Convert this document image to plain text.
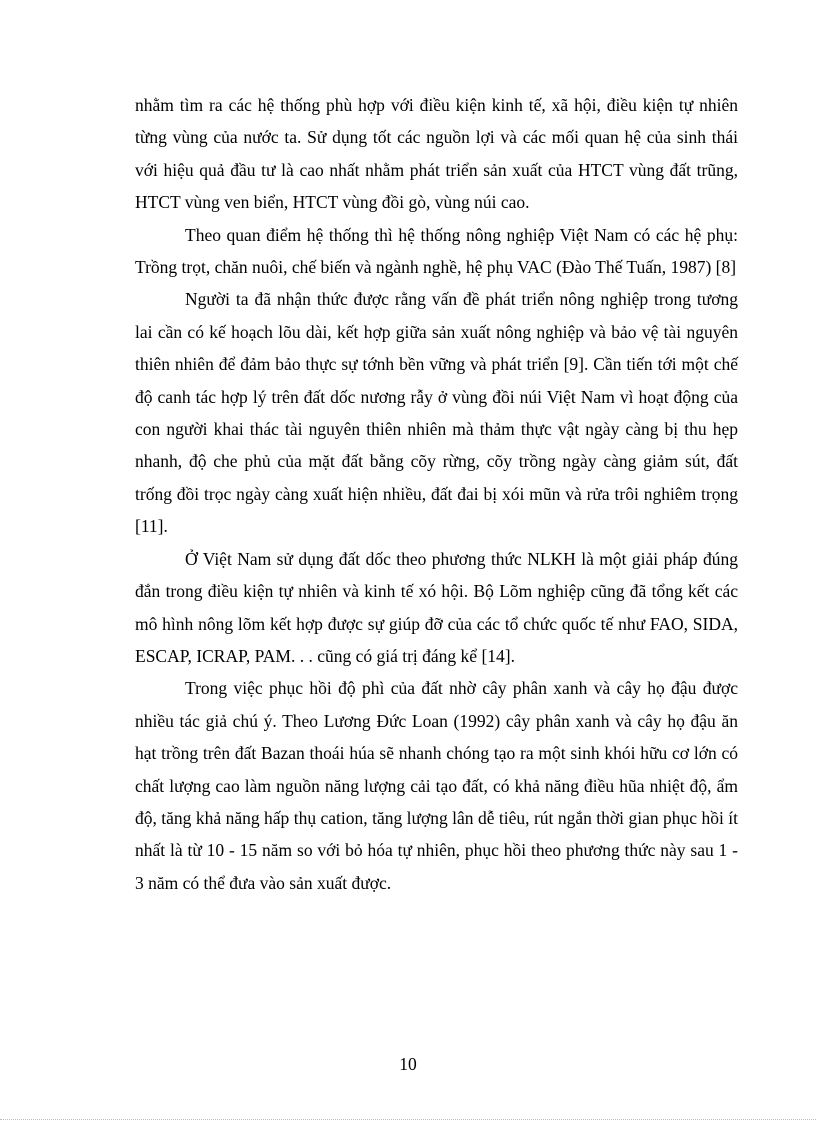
nhằm tìm ra các hệ thống phù hợp với điều kiện kinh tế, xã hội, điều kiện tự nhiên từng vùng của nước ta. Sử dụng tốt các nguồn lợi và các mối quan hệ của sinh thái với hiệu quả đầu tư là cao nhất nhằm phát triển sản xuất của HTCT vùng đất trũng, HTCT vùng ven biển, HTCT vùng đồi gò, vùng núi cao.

Theo quan điểm hệ thống thì hệ thống nông nghiệp Việt Nam có các hệ phụ: Trồng trọt, chăn nuôi, chế biến và ngành nghề, hệ phụ VAC (Đào Thế Tuấn, 1987) [8]

Người ta đã nhận thức được rằng vấn đề phát triển nông nghiệp trong tương lai cần có kế hoạch lõu dài, kết hợp giữa sản xuất nông nghiệp và bảo vệ tài nguyên thiên nhiên để đảm bảo thực sự tớnh bền vững và phát triển [9]. Cần tiến tới một chế độ canh tác hợp lý trên đất dốc nương rẫy ở vùng đồi núi Việt Nam vì hoạt động của con người khai thác tài nguyên thiên nhiên mà thảm thực vật ngày càng bị thu hẹp nhanh, độ che phủ của mặt đất bằng cõy rừng, cõy trồng ngày càng giảm sút, đất trống đồi trọc ngày càng xuất hiện nhiều, đất đai bị xói mũn và rửa trôi nghiêm trọng [11].

Ở Việt Nam sử dụng đất dốc theo phương thức NLKH là một giải pháp đúng đắn trong điều kiện tự nhiên và kinh tế xó hội. Bộ Lõm nghiệp cũng đã tổng kết các mô hình nông lõm kết hợp được sự giúp đỡ của các tổ chức quốc tế như FAO, SIDA, ESCAP, ICRAP, PAM. . . cũng có giá trị đáng kể [14].

Trong việc phục hồi độ phì của đất nhờ cây phân xanh và cây họ đậu được nhiều tác giả chú ý. Theo Lương Đức Loan (1992) cây phân xanh và cây họ đậu ăn hạt trồng trên đất Bazan thoái húa sẽ nhanh chóng tạo ra một sinh khói hữu cơ lớn có chất lượng cao làm nguồn năng lượng cải tạo đất, có khả năng điều hũa nhiệt độ, ẩm độ, tăng khả năng hấp thụ cation, tăng lượng lân dễ tiêu, rút ngắn thời gian phục hồi ít nhất là từ 10 - 15 năm so với bỏ hóa tự nhiên, phục hồi theo phương thức này sau 1 - 3 năm có thể đưa vào sản xuất được.

10
